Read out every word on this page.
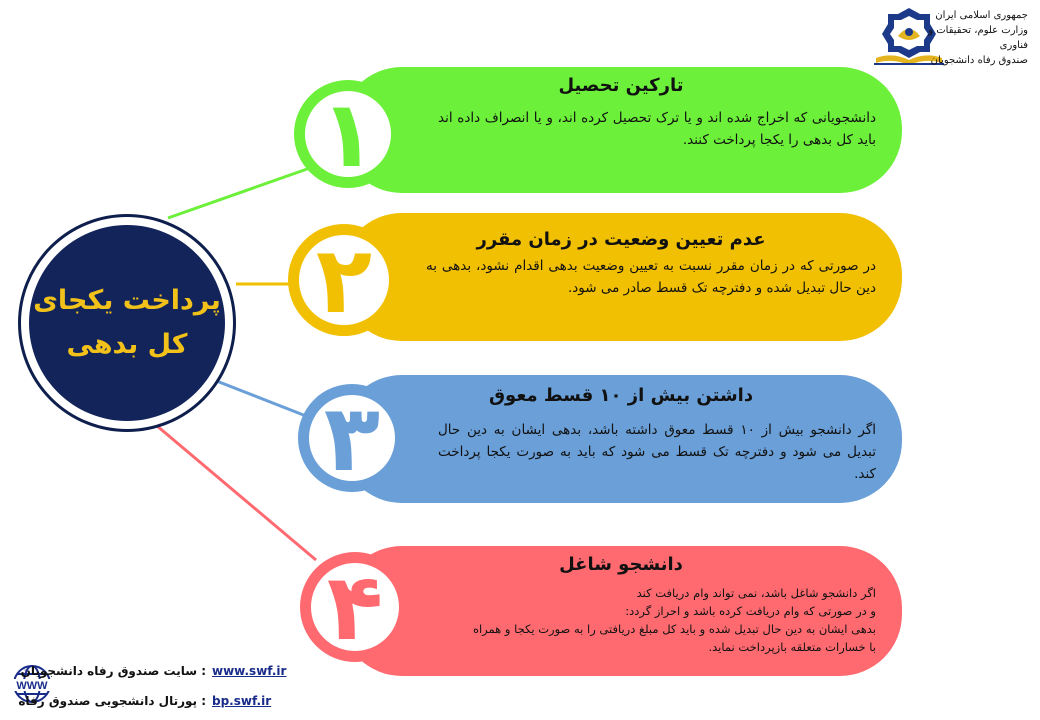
جمهوری اسلامی ایران
وزارت علوم، تحقیقات و فناوری
صندوق رفاه دانشجویان
پرداخت یکجای
کل بدهی
تارکین تحصیل
دانشجویانی که اخراج شده اند و یا ترک تحصیل کرده اند، و یا انصراف داده اند باید کل بدهی را یکجا پرداخت کنند.
۱
عدم تعیین وضعیت در زمان مقرر
در صورتی که در زمان مقرر نسبت به تعیین وضعیت بدهی اقدام نشود، بدهی به دین حال تبدیل شده و دفترچه تک قسط صادر می شود.
۲
داشتن بیش از ۱۰ قسط معوق
اگر دانشجو بیش از ۱۰ قسط معوق داشته باشد، بدهی ایشان به دین حال تبدیل می شود و دفترچه تک قسط می شود که باید به صورت یکجا پرداخت کند.
۳
دانشجو شاغل
اگر دانشجو شاغل باشد، نمی تواند وام دریافت کند
و در صورتی که وام دریافت کرده باشد و احراز گردد:
بدهی ایشان به دین حال تبدیل شده و باید کل مبلغ دریافتی را به صورت یکجا و همراه
با خسارات متعلقه بازپرداخت نماید.
۴
WWW
www.swf.ir
: سایت صندوق رفاه دانشجویان
bp.swf.ir
: پورتال دانشجویی صندوق رفاه
